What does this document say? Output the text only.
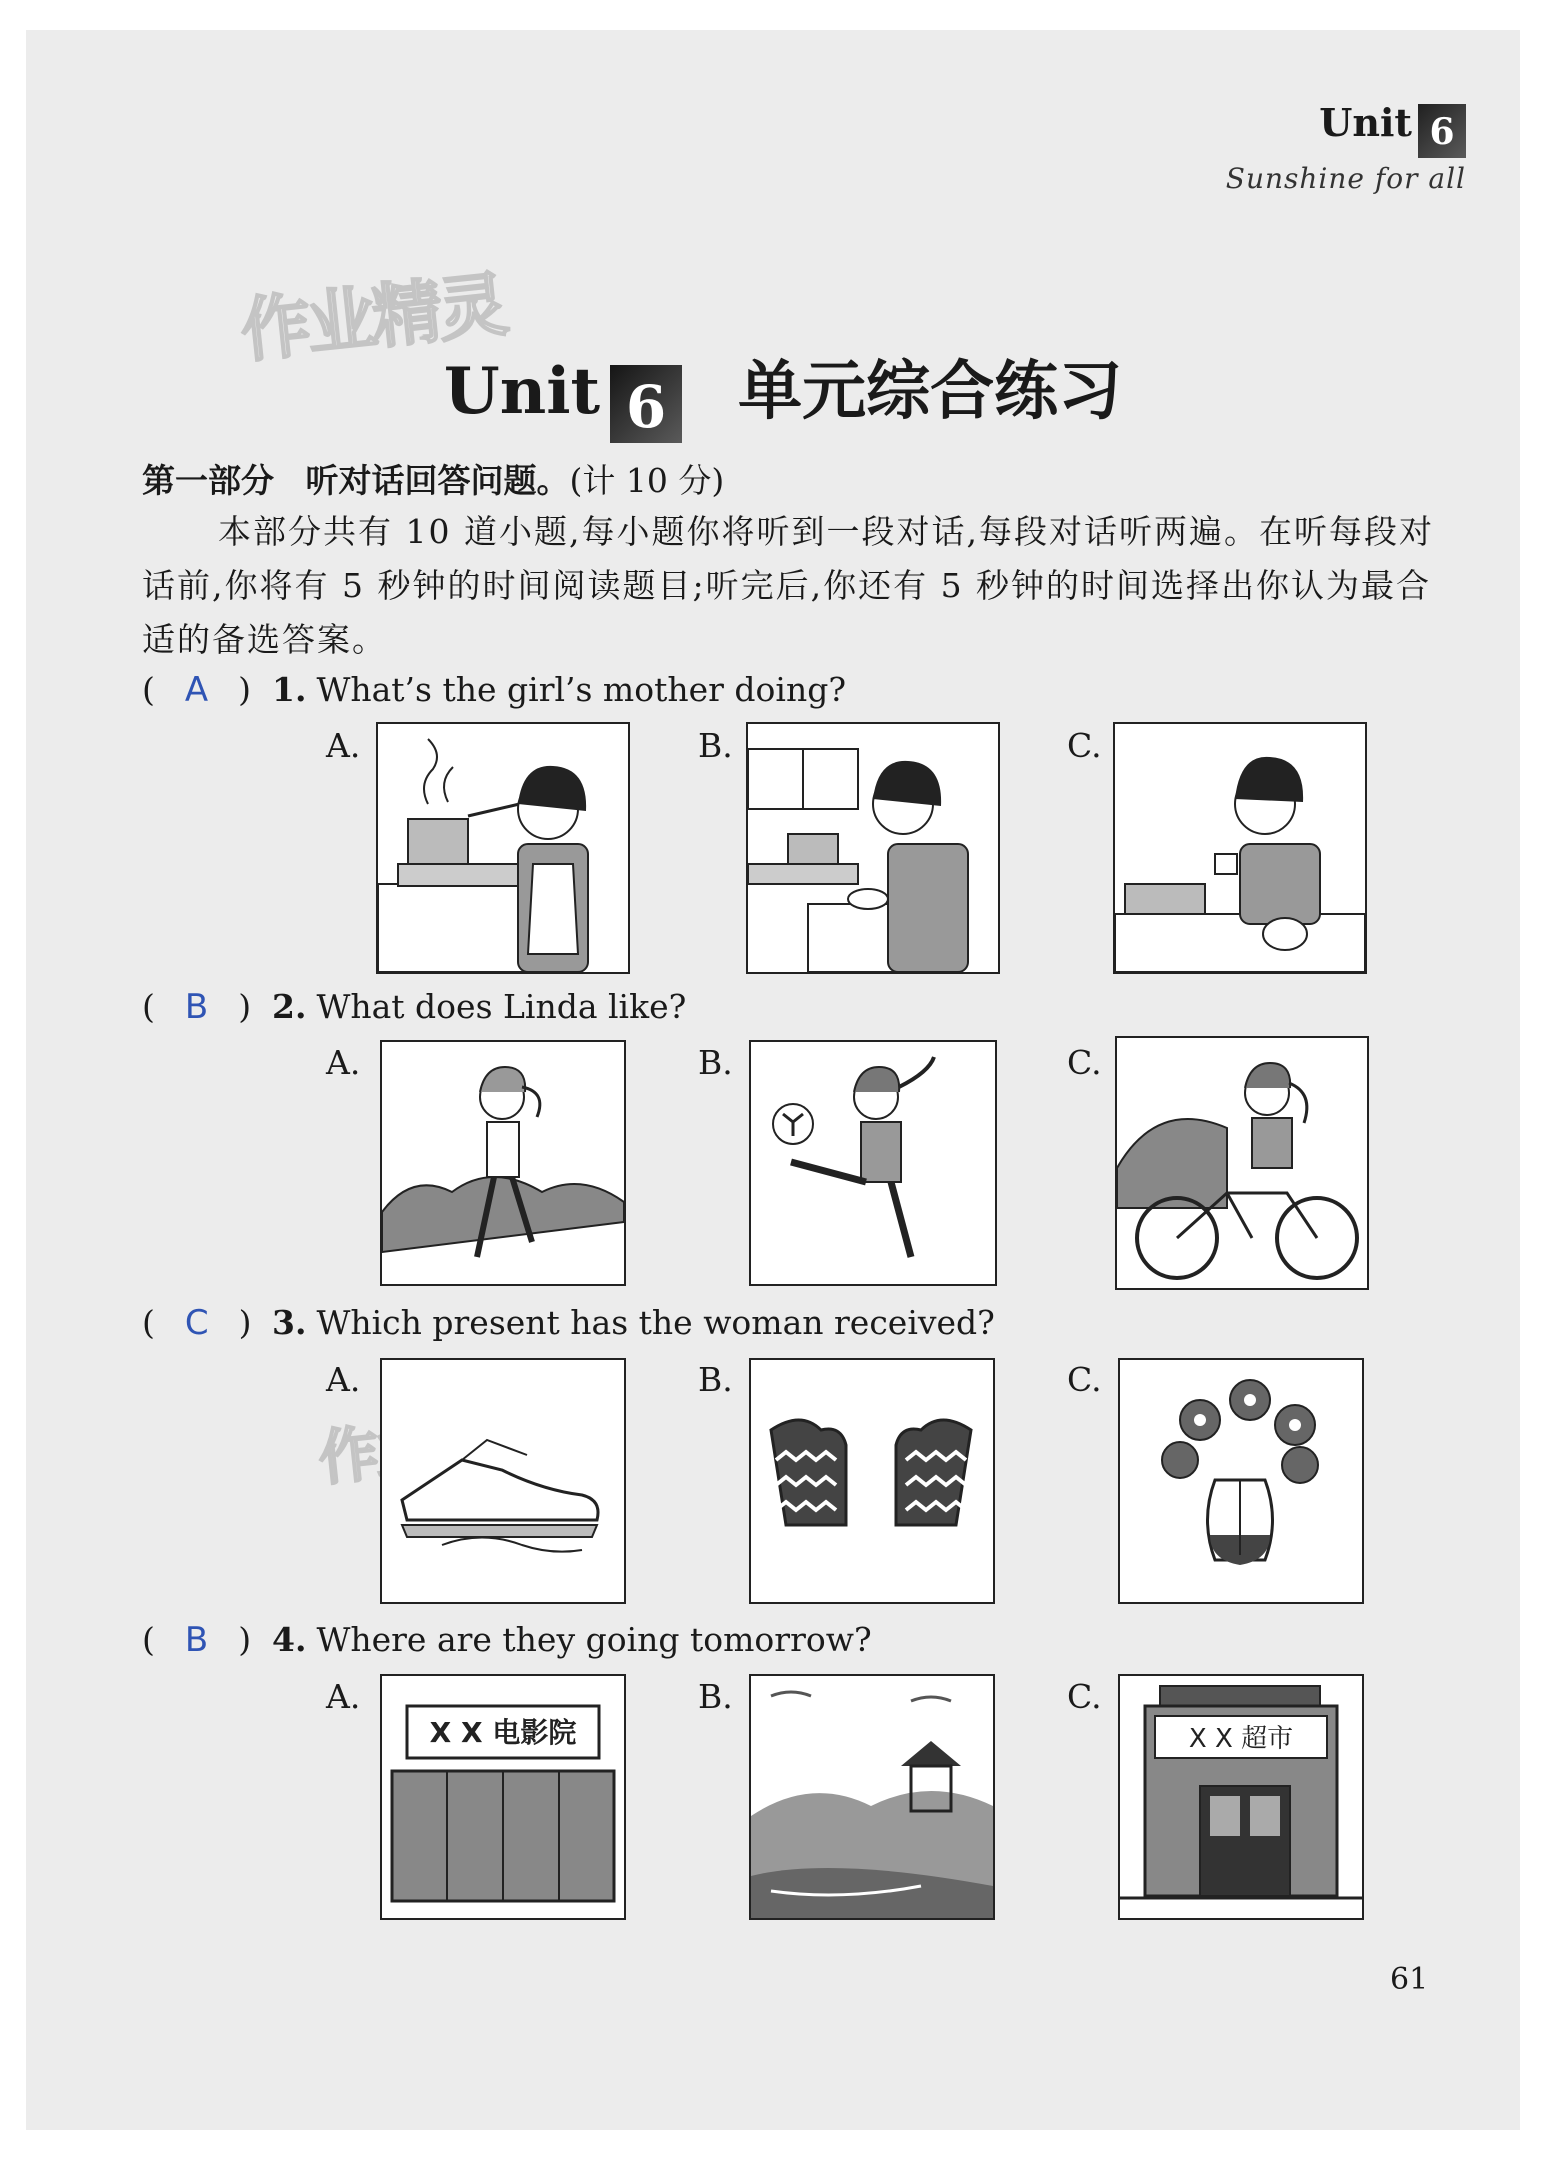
Unit 6
Sunshine for all
作业精灵
Unit 6 单元综合练习
第一部分 听对话回答问题。(计 10 分)
本部分共有 10 道小题,每小题你将听到一段对话,每段对话听两遍。在听每段对话前,你将有 5 秒钟的时间阅读题目;听完后,你还有 5 秒钟的时间选择出你认为最合适的备选答案。
( A ) 1. What’s the girl’s mother doing?
A.	B.	C.
( B ) 2. What does Linda like?
A.	B.	C.
( C ) 3. Which present has the woman received?
A.	B.	C.
( B ) 4. Where are they going tomorrow?
A.	B.	C.
X X 电影院	X X 超市
61
